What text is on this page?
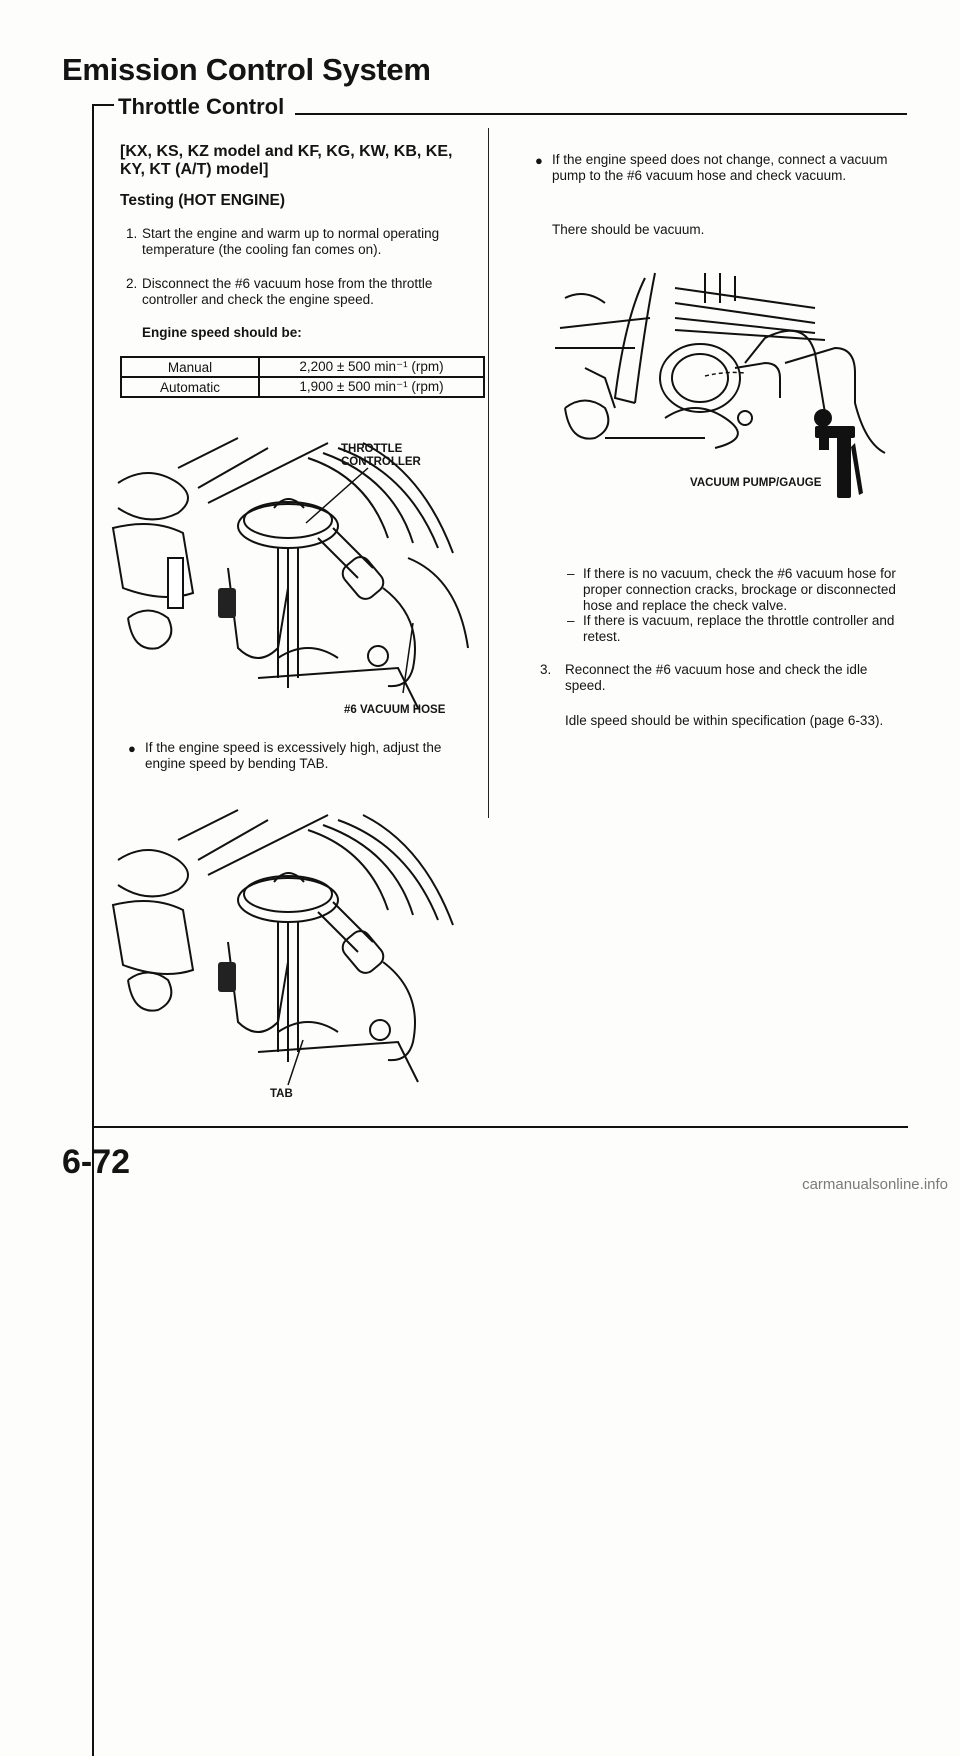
Emission Control System
Throttle Control
[KX, KS, KZ model and KF, KG, KW, KB, KE, KY, KT (A/T) model]
Testing (HOT ENGINE)
1. Start the engine and warm up to normal operating temperature (the cooling fan comes on).
2. Disconnect the #6 vacuum hose from the throttle controller and check the engine speed.
Engine speed should be:
Manual	2,200 ± 500 min⁻¹ (rpm)
Automatic	1,900 ± 500 min⁻¹ (rpm)
THROTTLE CONTROLLER
#6 VACUUM HOSE
● If the engine speed is excessively high, adjust the engine speed by bending TAB.
TAB
● If the engine speed does not change, connect a vacuum pump to the #6 vacuum hose and check vacuum.
There should be vacuum.
VACUUM PUMP/GAUGE
– If there is no vacuum, check the #6 vacuum hose for proper connection cracks, brockage or disconnected hose and replace the check valve.
– If there is vacuum, replace the throttle controller and retest.
3. Reconnect the #6 vacuum hose and check the idle speed.
Idle speed should be within specification (page 6-33).
6-72
carmanualsonline.info
